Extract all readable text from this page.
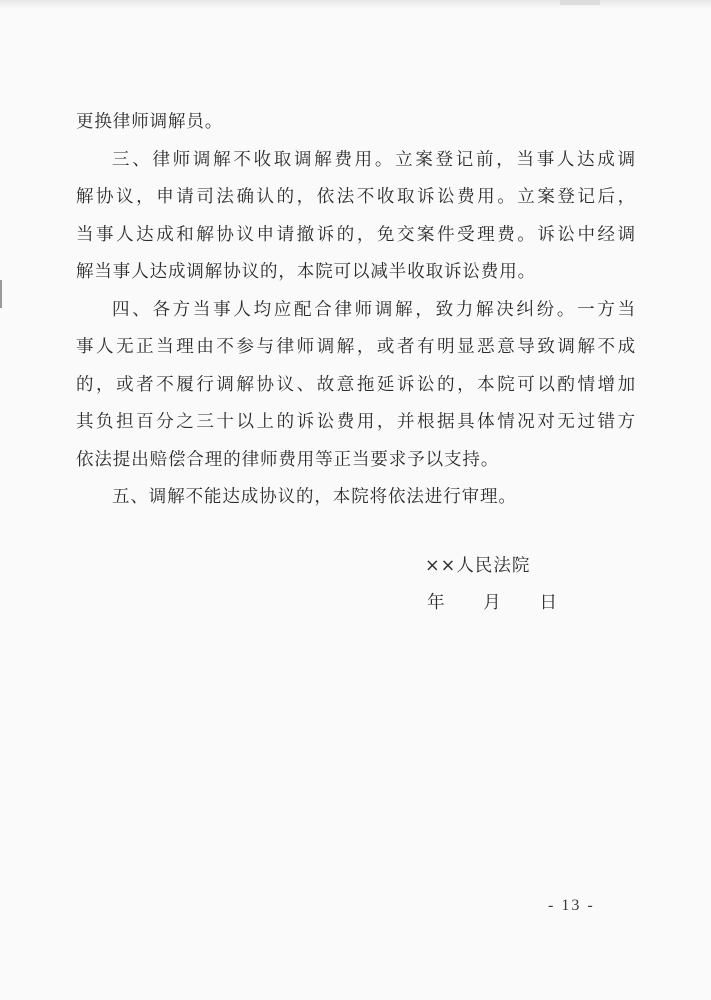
更换律师调解员。
三、律师调解不收取调解费用。立案登记前，当事人达成调
解协议，申请司法确认的，依法不收取诉讼费用。立案登记后，
当事人达成和解协议申请撤诉的，免交案件受理费。诉讼中经调
解当事人达成调解协议的，本院可以减半收取诉讼费用。
四、各方当事人均应配合律师调解，致力解决纠纷。一方当
事人无正当理由不参与律师调解，或者有明显恶意导致调解不成
的，或者不履行调解协议、故意拖延诉讼的，本院可以酌情增加
其负担百分之三十以上的诉讼费用，并根据具体情况对无过错方
依法提出赔偿合理的律师费用等正当要求予以支持。
五、调解不能达成协议的，本院将依法进行审理。
××人民法院
年 月 日
- 13 -
